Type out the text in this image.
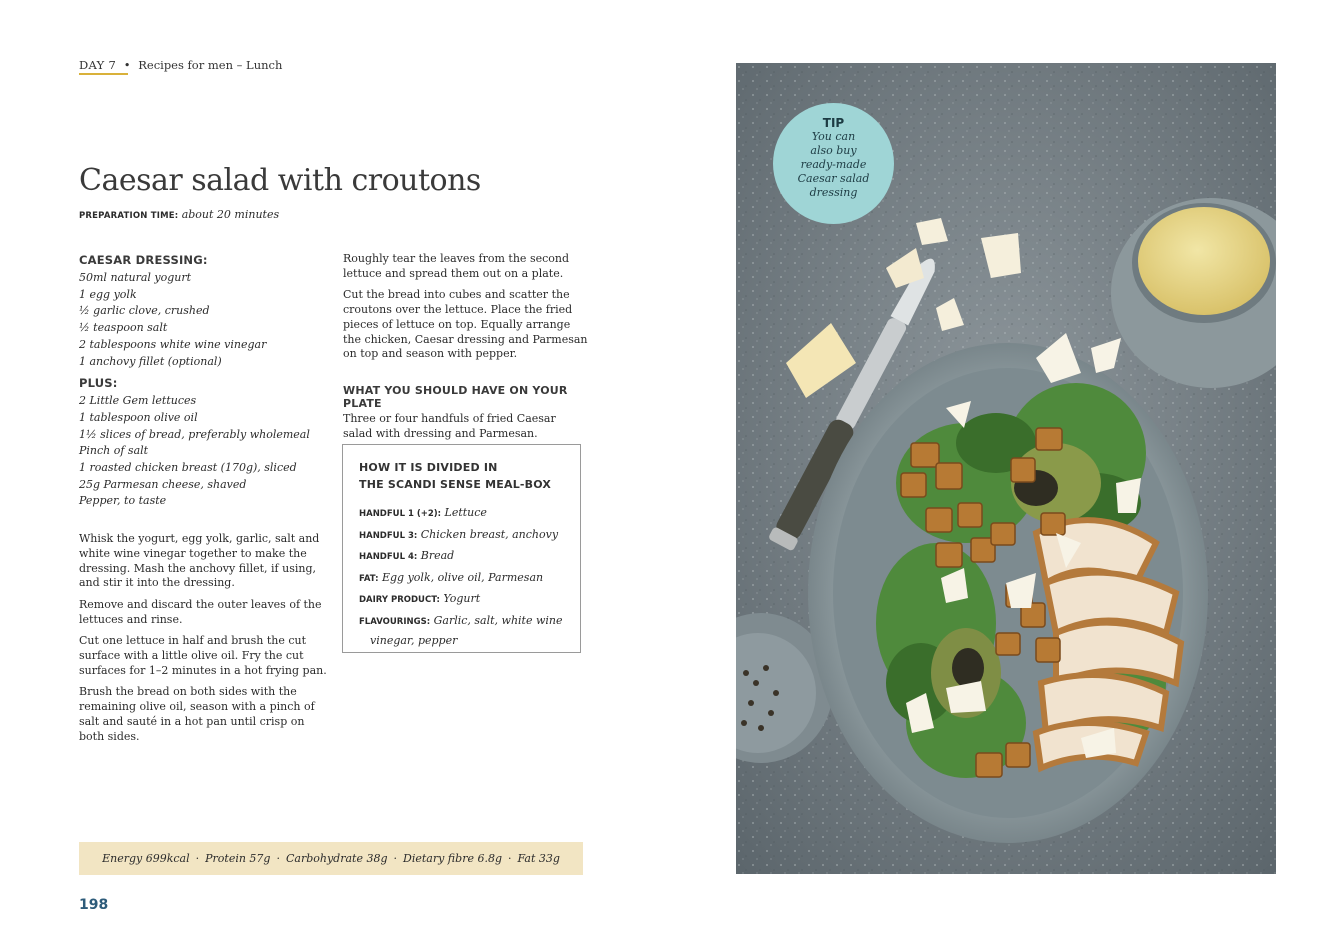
DAY 7 • Recipes for men – Lunch
Caesar salad with croutons
PREPARATION TIME: about 20 minutes
CAESAR DRESSING:
50ml natural yogurt
1 egg yolk
½ garlic clove, crushed
½ teaspoon salt
2 tablespoons white wine vinegar
1 anchovy fillet (optional)
PLUS:
2 Little Gem lettuces
1 tablespoon olive oil
1½ slices of bread, preferably wholemeal
Pinch of salt
1 roasted chicken breast (170g), sliced
25g Parmesan cheese, shaved
Pepper, to taste

Whisk the yogurt, egg yolk, garlic, salt and white wine vinegar together to make the dressing. Mash the anchovy fillet, if using, and stir it into the dressing.

Remove and discard the outer leaves of the lettuces and rinse.

Cut one lettuce in half and brush the cut surface with a little olive oil. Fry the cut surfaces for 1–2 minutes in a hot frying pan.

Brush the bread on both sides with the remaining olive oil, season with a pinch of salt and sauté in a hot pan until crisp on both sides.

Roughly tear the leaves from the second lettuce and spread them out on a plate.

Cut the bread into cubes and scatter the croutons over the lettuce. Place the fried pieces of lettuce on top. Equally arrange the chicken, Caesar dressing and Parmesan on top and season with pepper.

WHAT YOU SHOULD HAVE ON YOUR PLATE
Three or four handfuls of fried Caesar salad with dressing and Parmesan.
HOW IT IS DIVIDED IN
THE SCANDI SENSE MEAL-BOX
HANDFUL 1 (+2): Lettuce
HANDFUL 3: Chicken breast, anchovy
HANDFUL 4: Bread
FAT: Egg yolk, olive oil, Parmesan
DAIRY PRODUCT: Yogurt
FLAVOURINGS: Garlic, salt, white wine
vinegar, pepper
Energy 699kcal · Protein 57g · Carbohydrate 38g · Dietary fibre 6.8g · Fat 33g
198
TIP
You can
also buy
ready-made
Caesar salad
dressing
